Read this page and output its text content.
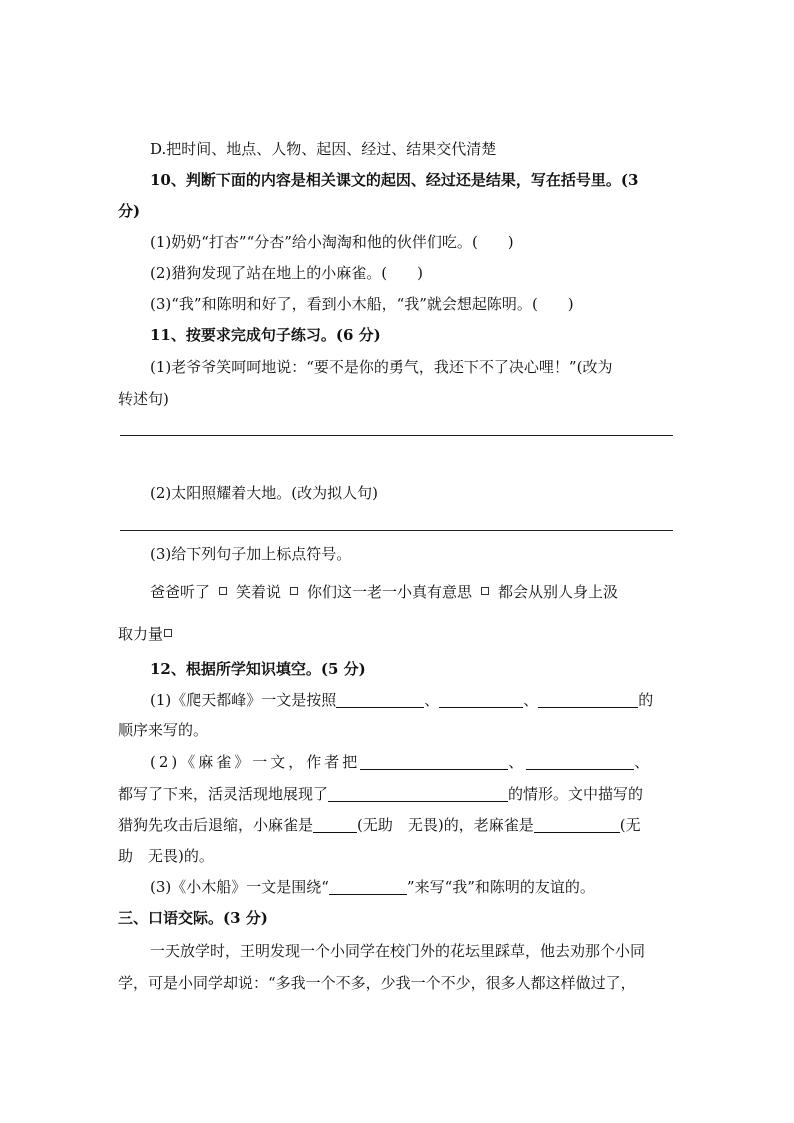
D.把时间、地点、人物、起因、经过、结果交代清楚
10、判断下面的内容是相关课文的起因、经过还是结果，写在括号里。(3
分)
(1)奶奶“打杏”“分杏”给小淘淘和他的伙伴们吃。(　　)
(2)猎狗发现了站在地上的小麻雀。(　　)
(3)“我”和陈明和好了，看到小木船，“我”就会想起陈明。(　　)
11、按要求完成句子练习。(6 分)
(1)老爷爷笑呵呵地说：“要不是你的勇气，我还下不了决心哩！”(改为
转述句)
(2)太阳照耀着大地。(改为拟人句)
(3)给下列句子加上标点符号。
爸爸听了 笑着说 你们这一老一小真有意思 都会从别人身上汲
取力量
12、根据所学知识填空。(5 分)
(1)《爬天都峰》一文是按照	、	、	的
顺序来写的。
(2)《麻雀》一文，作者把	、	、
都写了下来，活灵活现地展现了	的情形。文中描写的
猎狗先攻击后退缩，小麻雀是	(无助　无畏)的，老麻雀是	(无
助　无畏)的。
(3)《小木船》一文是围绕“	”来写“我”和陈明的友谊的。
三、口语交际。(3 分)
一天放学时，王明发现一个小同学在校门外的花坛里踩草，他去劝那个小同
学，可是小同学却说：“多我一个不多，少我一个不少，很多人都这样做过了，
